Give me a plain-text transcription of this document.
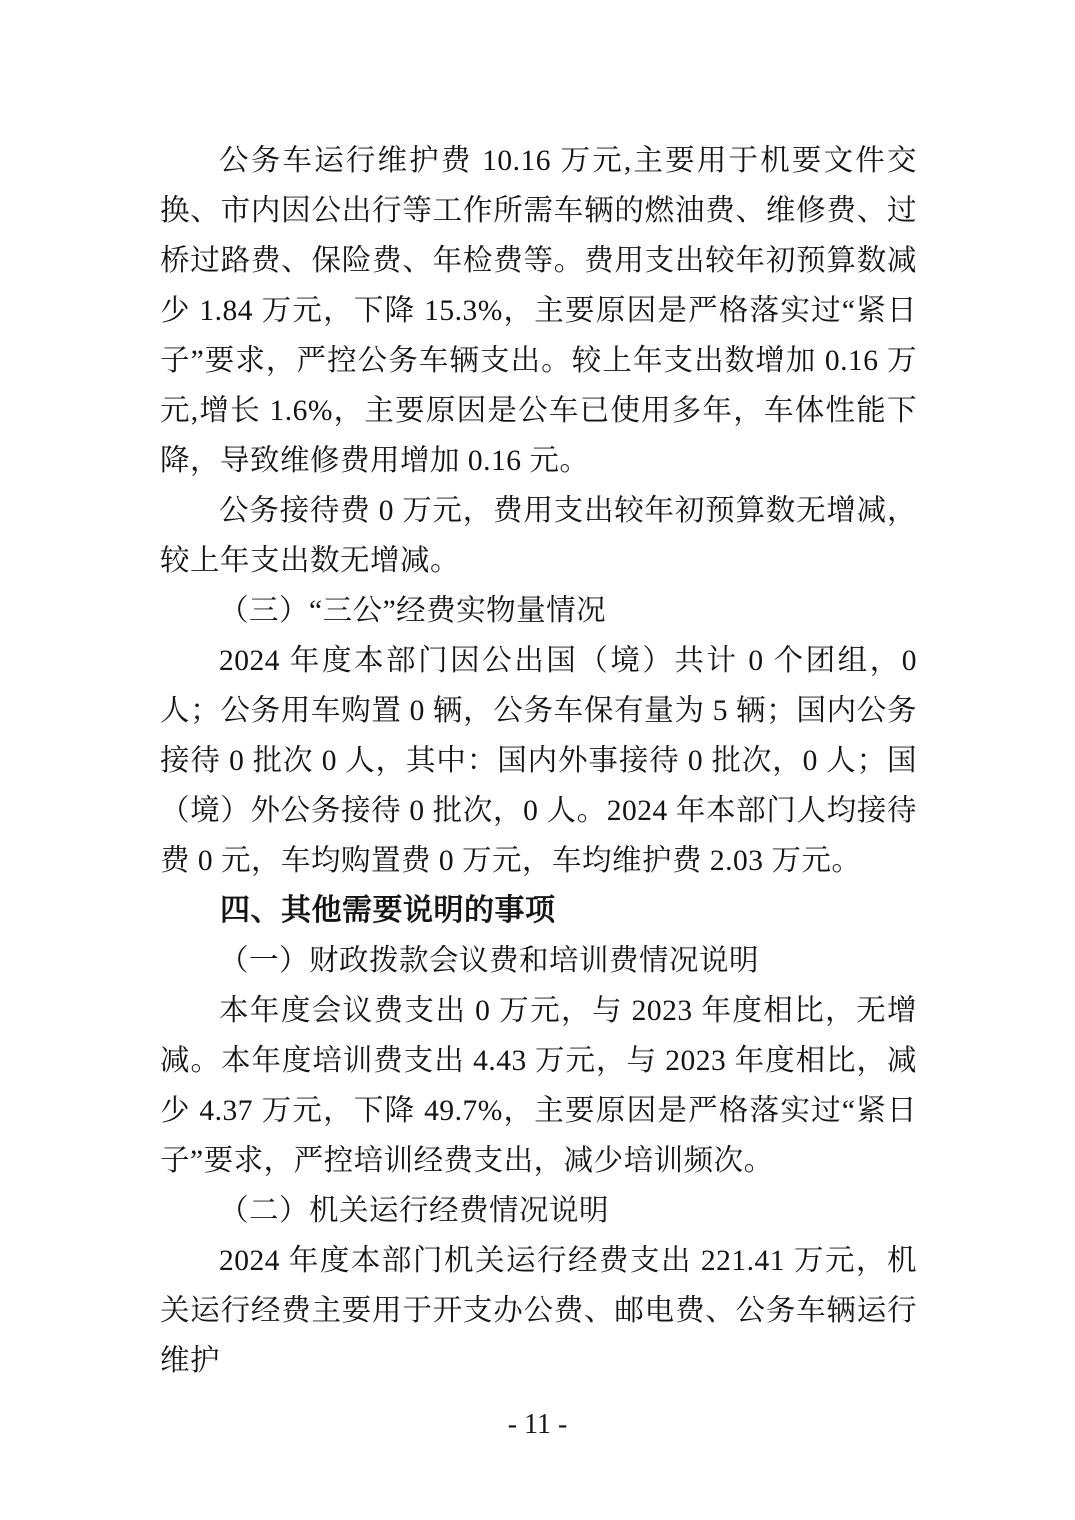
公务车运行维护费 10.16 万元,主要用于机要文件交换、市内因公出行等工作所需车辆的燃油费、维修费、过桥过路费、保险费、年检费等。费用支出较年初预算数减少 1.84 万元，下降 15.3%，主要原因是严格落实过“紧日子”要求，严控公务车辆支出。较上年支出数增加 0.16 万元,增长 1.6%，主要原因是公车已使用多年，车体性能下降，导致维修费用增加 0.16 元。

公务接待费 0 万元，费用支出较年初预算数无增减，较上年支出数无增减。

（三）“三公”经费实物量情况

2024 年度本部门因公出国（境）共计 0 个团组，0 人；公务用车购置 0 辆，公务车保有量为 5 辆；国内公务接待 0 批次 0 人，其中：国内外事接待 0 批次，0 人；国（境）外公务接待 0 批次，0 人。2024 年本部门人均接待费 0 元，车均购置费 0 万元，车均维护费 2.03 万元。

四、其他需要说明的事项

（一）财政拨款会议费和培训费情况说明

本年度会议费支出 0 万元，与 2023 年度相比，无增减。本年度培训费支出 4.43 万元，与 2023 年度相比，减少 4.37 万元，下降 49.7%，主要原因是严格落实过“紧日子”要求，严控培训经费支出，减少培训频次。

（二）机关运行经费情况说明

2024 年度本部门机关运行经费支出 221.41 万元，机关运行经费主要用于开支办公费、邮电费、公务车辆运行维护

- 11 -
